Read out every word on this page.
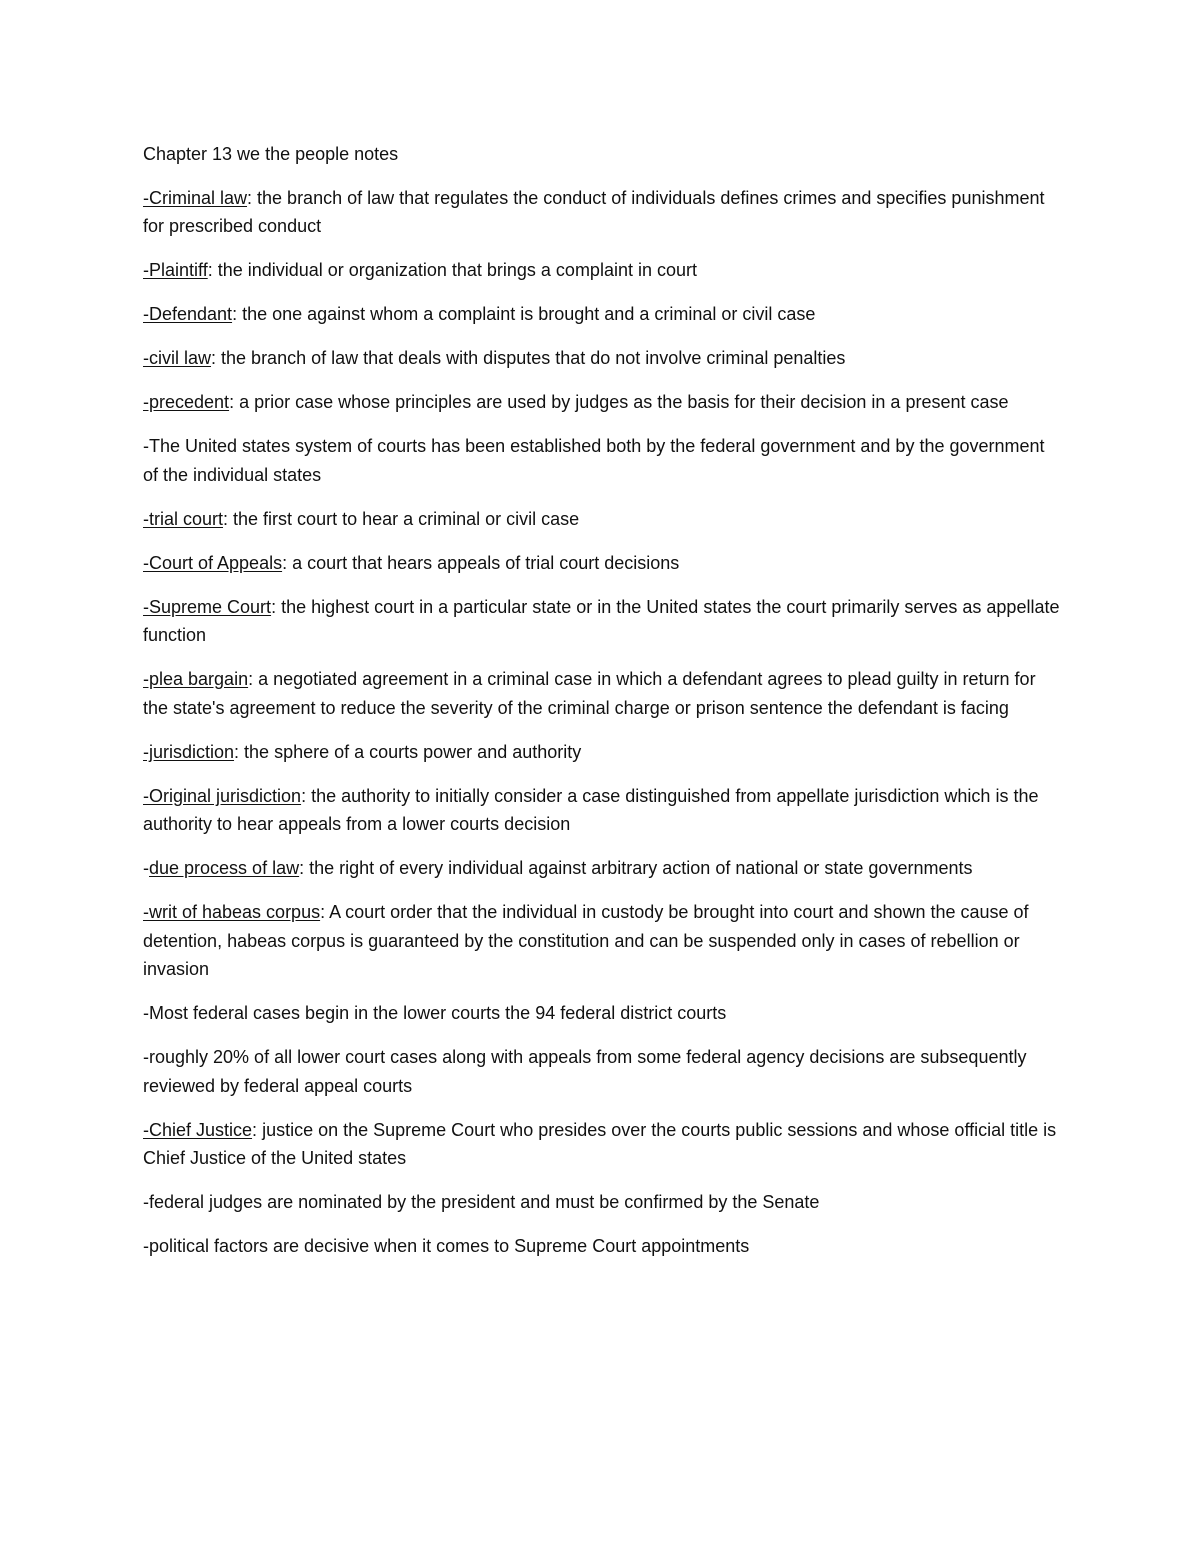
Chapter 13 we the people notes

-Criminal law: the branch of law that regulates the conduct of individuals defines crimes and specifies punishment for prescribed conduct

-Plaintiff: the individual or organization that brings a complaint in court

-Defendant: the one against whom a complaint is brought and a criminal or civil case

-civil law: the branch of law that deals with disputes that do not involve criminal penalties

-precedent: a prior case whose principles are used by judges as the basis for their decision in a present case

-The United states system of courts has been established both by the federal government and by the government of the individual states

-trial court: the first court to hear a criminal or civil case

-Court of Appeals: a court that hears appeals of trial court decisions

-Supreme Court: the highest court in a particular state or in the United states the court primarily serves as appellate function

-plea bargain: a negotiated agreement in a criminal case in which a defendant agrees to plead guilty in return for the state's agreement to reduce the severity of the criminal charge or prison sentence the defendant is facing

-jurisdiction: the sphere of a courts power and authority

-Original jurisdiction: the authority to initially consider a case distinguished from appellate jurisdiction which is the authority to hear appeals from a lower courts decision

-due process of law: the right of every individual against arbitrary action of national or state governments

-writ of habeas corpus: A court order that the individual in custody be brought into court and shown the cause of detention, habeas corpus is guaranteed by the constitution and can be suspended only in cases of rebellion or invasion

-Most federal cases begin in the lower courts the 94 federal district courts

-roughly 20% of all lower court cases along with appeals from some federal agency decisions are subsequently reviewed by federal appeal courts

-Chief Justice: justice on the Supreme Court who presides over the courts public sessions and whose official title is Chief Justice of the United states

-federal judges are nominated by the president and must be confirmed by the Senate

-political factors are decisive when it comes to Supreme Court appointments
